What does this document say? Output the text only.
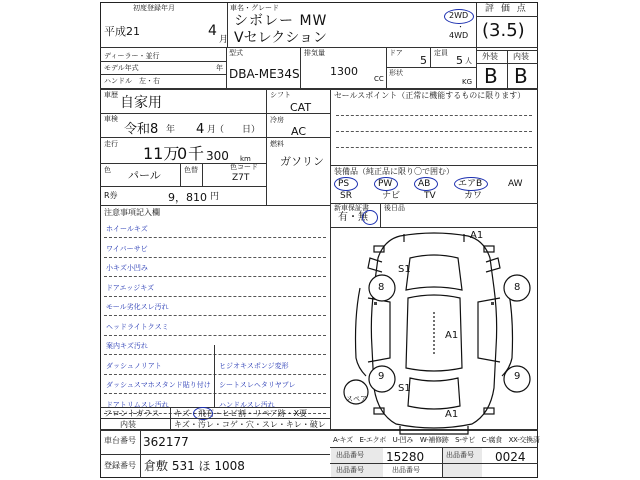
初度登録年月
平成21	4
月
車名・グレード
シボレー MW
Vセレクション
2WD
・
4WD
評 価 点
(3.5)
ディーラー・並行
モデル年式	年
ハンドル　左・右
型式
DBA-ME34S
排気量
1300
CC
ドア
5
定員
5 人
形状
KG
外装 内装
B B
車歴 自家用
車検
令和8 年 4 月
（　　日）
走行 11万
0 千 300 km
色 パール	色替	色コード
Z7T
R券	9，810 円
シフト
CAT
冷房
AC
燃料
ガソリン
セールスポイント（正常に機能するものに限ります）
装備品（純正品に限り〇で囲む）
PS	PW	AB	エアB	AW
SR	ナビ	TV	カワ
新車保証書
有・無
後日品
注意事項記入欄
ホイールキズ
ワイパーサビ
小キズ小凹み
ドアエッジキズ
モール劣化スレ汚れ
ヘッドライトクスミ
案内キズ汚れ
ダッシュノリアト
ダッシュスマホスタンド貼り付け
ドアトリムスレ汚れ
ヒジオキスポンジ変形
シートスレヘタリヤブレ
ハンドルスレ汚れ
フロントガラス キズ・飛石・ヒビ割・リペア跡・X要
内装	キズ・汚レ・コゲ・穴・スレ・キレ・破レ
A1
S1
8	8
A1
9	9
S1
A1
スペア
A-キズ　E-エクボ　U-凹み　W-補修跡　S-サビ　C-腐食　XX-交換済
車台番号 362177
登録番号 倉敷 531 ほ 1008
出品番号 15280	出品番号 0024
出品番号　　　　出品番号
